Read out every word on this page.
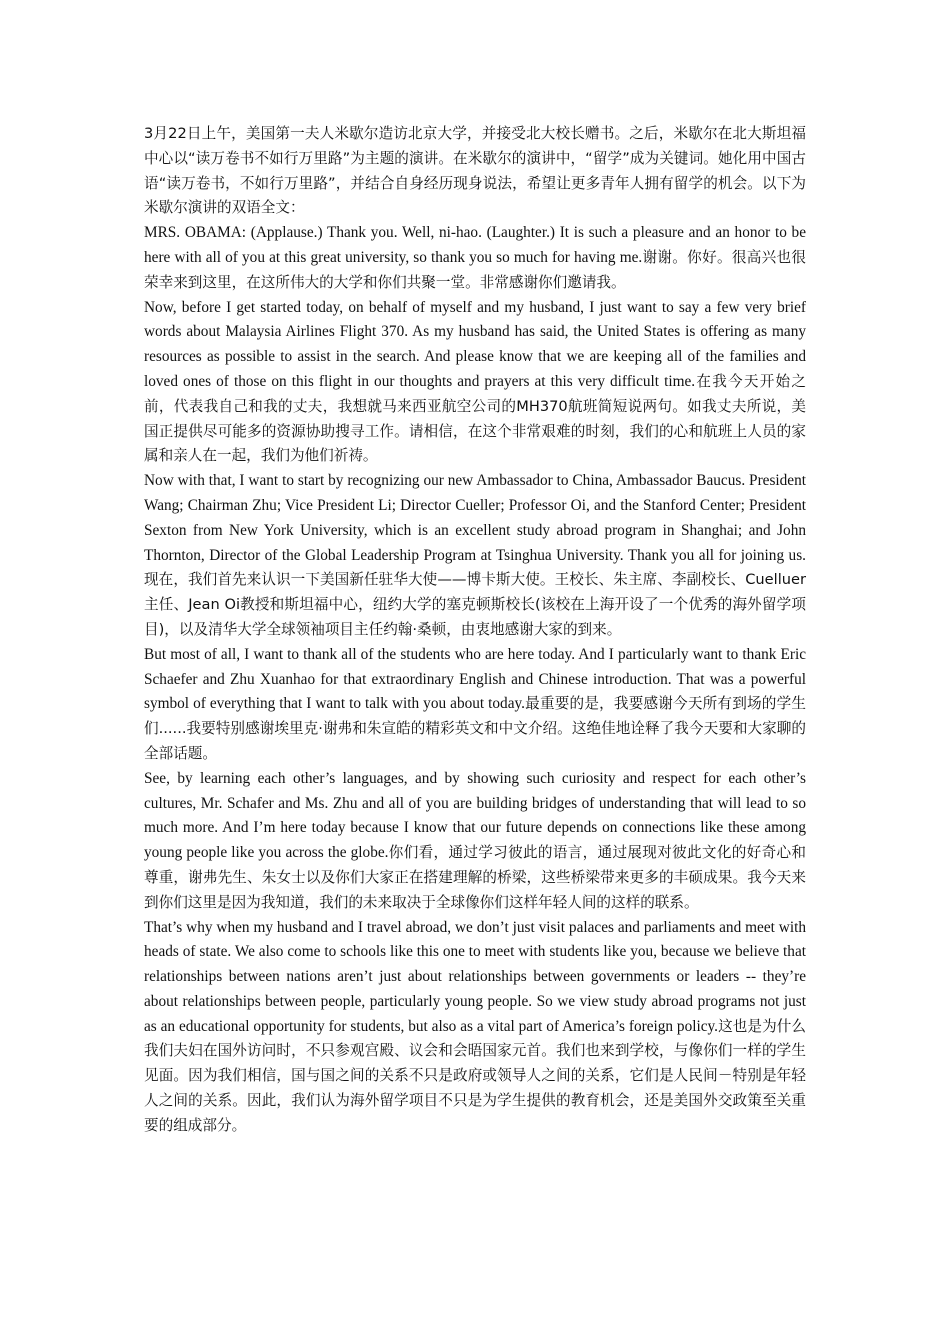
3月22日上午，美国第一夫人米歇尔造访北京大学，并接受北大校长赠书。之后，米歇尔在北大斯坦福中心以“读万卷书不如行万里路”为主题的演讲。在米歇尔的演讲中，“留学”成为关键词。她化用中国古语“读万卷书，不如行万里路”，并结合自身经历现身说法，希望让更多青年人拥有留学的机会。以下为米歇尔演讲的双语全文：

MRS. OBAMA: (Applause.) Thank you. Well, ni-hao. (Laughter.) It is such a pleasure and an honor to be here with all of you at this great university, so thank you so much for having me.谢谢。你好。很高兴也很荣幸来到这里，在这所伟大的大学和你们共聚一堂。非常感谢你们邀请我。

Now, before I get started today, on behalf of myself and my husband, I just want to say a few very brief words about Malaysia Airlines Flight 370. As my husband has said, the United States is offering as many resources as possible to assist in the search. And please know that we are keeping all of the families and loved ones of those on this flight in our thoughts and prayers at this very difficult time.在我今天开始之前，代表我自己和我的丈夫，我想就马来西亚航空公司的MH370航班简短说两句。如我丈夫所说，美国正提供尽可能多的资源协助搜寻工作。请相信，在这个非常艰难的时刻，我们的心和航班上人员的家属和亲人在一起，我们为他们祈祷。

Now with that, I want to start by recognizing our new Ambassador to China, Ambassador Baucus. President Wang; Chairman Zhu; Vice President Li; Director Cueller; Professor Oi, and the Stanford Center; President Sexton from New York University, which is an excellent study abroad program in Shanghai; and John Thornton, Director of the Global Leadership Program at Tsinghua University. Thank you all for joining us.现在，我们首先来认识一下美国新任驻华大使——博卡斯大使。王校长、朱主席、李副校长、Cuelluer主任、Jean Oi教授和斯坦福中心，纽约大学的塞克顿斯校长(该校在上海开设了一个优秀的海外留学项目)，以及清华大学全球领袖项目主任约翰·桑顿，由衷地感谢大家的到来。

But most of all, I want to thank all of the students who are here today. And I particularly want to thank Eric Schaefer and Zhu Xuanhao for that extraordinary English and Chinese introduction. That was a powerful symbol of everything that I want to talk with you about today.最重要的是，我要感谢今天所有到场的学生们......我要特别感谢埃里克·谢弗和朱宣皓的精彩英文和中文介绍。这绝佳地诠释了我今天要和大家聊的全部话题。

See, by learning each other’s languages, and by showing such curiosity and respect for each other’s cultures, Mr. Schafer and Ms. Zhu and all of you are building bridges of understanding that will lead to so much more. And I’m here today because I know that our future depends on connections like these among young people like you across the globe.你们看，通过学习彼此的语言，通过展现对彼此文化的好奇心和尊重，谢弗先生、朱女士以及你们大家正在搭建理解的桥梁，这些桥梁带来更多的丰硕成果。我今天来到你们这里是因为我知道，我们的未来取决于全球像你们这样年轻人间的这样的联系。

That’s why when my husband and I travel abroad, we don’t just visit palaces and parliaments and meet with heads of state. We also come to schools like this one to meet with students like you, because we believe that relationships between nations aren’t just about relationships between governments or leaders -- they’re about relationships between people, particularly young people. So we view study abroad programs not just as an educational opportunity for students, but also as a vital part of America’s foreign policy.这也是为什么我们夫妇在国外访问时，不只参观宫殿、议会和会晤国家元首。我们也来到学校，与像你们一样的学生见面。因为我们相信，国与国之间的关系不只是政府或领导人之间的关系，它们是人民间－特别是年轻人之间的关系。因此，我们认为海外留学项目不只是为学生提供的教育机会，还是美国外交政策至关重要的组成部分。
